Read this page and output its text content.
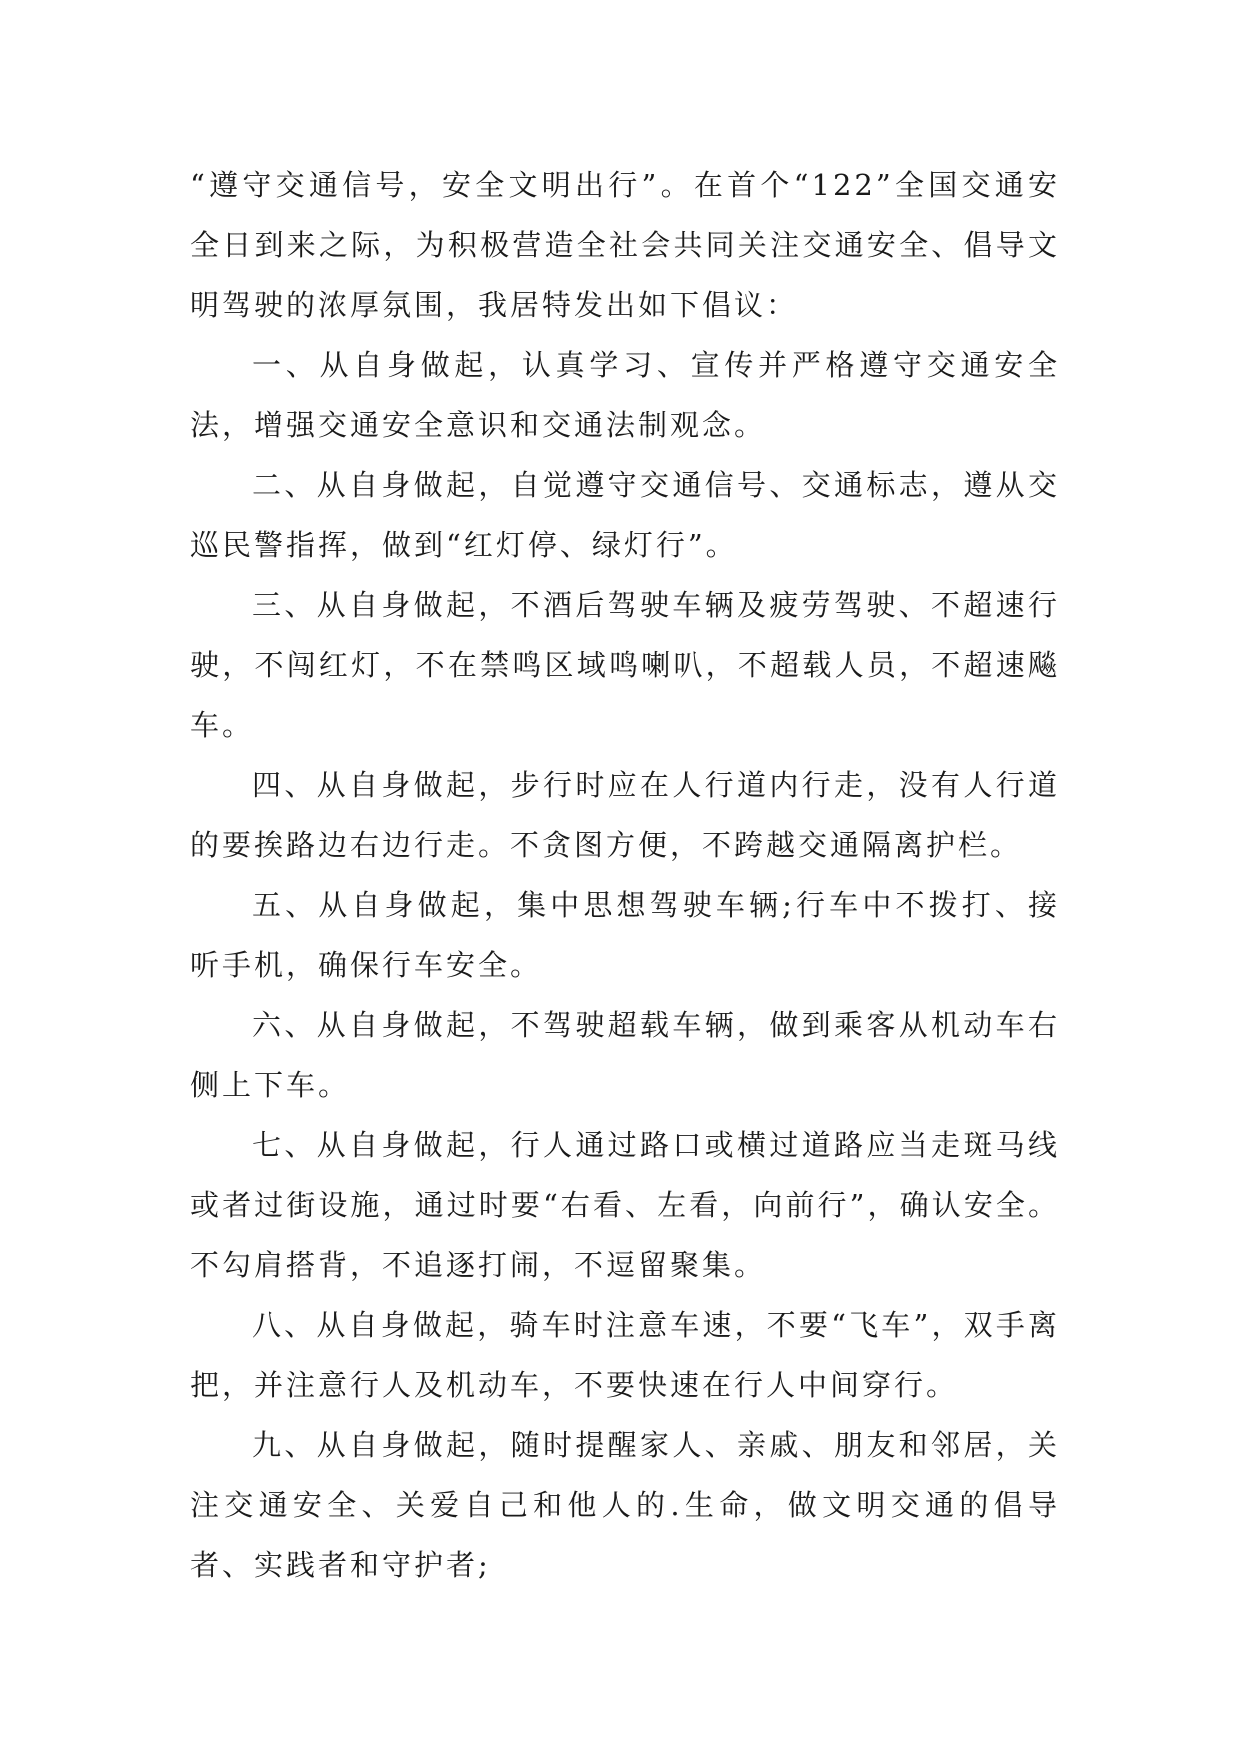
“遵守交通信号，安全文明出行”。在首个“122”全国交通安全日到来之际，为积极营造全社会共同关注交通安全、倡导文明驾驶的浓厚氛围，我居特发出如下倡议：

一、从自身做起，认真学习、宣传并严格遵守交通安全法，增强交通安全意识和交通法制观念。

二、从自身做起，自觉遵守交通信号、交通标志，遵从交巡民警指挥，做到“红灯停、绿灯行”。

三、从自身做起，不酒后驾驶车辆及疲劳驾驶、不超速行驶，不闯红灯，不在禁鸣区域鸣喇叭，不超载人员，不超速飚车。

四、从自身做起，步行时应在人行道内行走，没有人行道的要挨路边右边行走。不贪图方便，不跨越交通隔离护栏。

五、从自身做起，集中思想驾驶车辆;行车中不拨打、接听手机，确保行车安全。

六、从自身做起，不驾驶超载车辆，做到乘客从机动车右侧上下车。

七、从自身做起，行人通过路口或横过道路应当走斑马线或者过街设施，通过时要“右看、左看，向前行”，确认安全。不勾肩搭背，不追逐打闹，不逗留聚集。

八、从自身做起，骑车时注意车速，不要“飞车”，双手离把，并注意行人及机动车，不要快速在行人中间穿行。

九、从自身做起，随时提醒家人、亲戚、朋友和邻居，关注交通安全、关爱自己和他人的.生命，做文明交通的倡导者、实践者和守护者;
